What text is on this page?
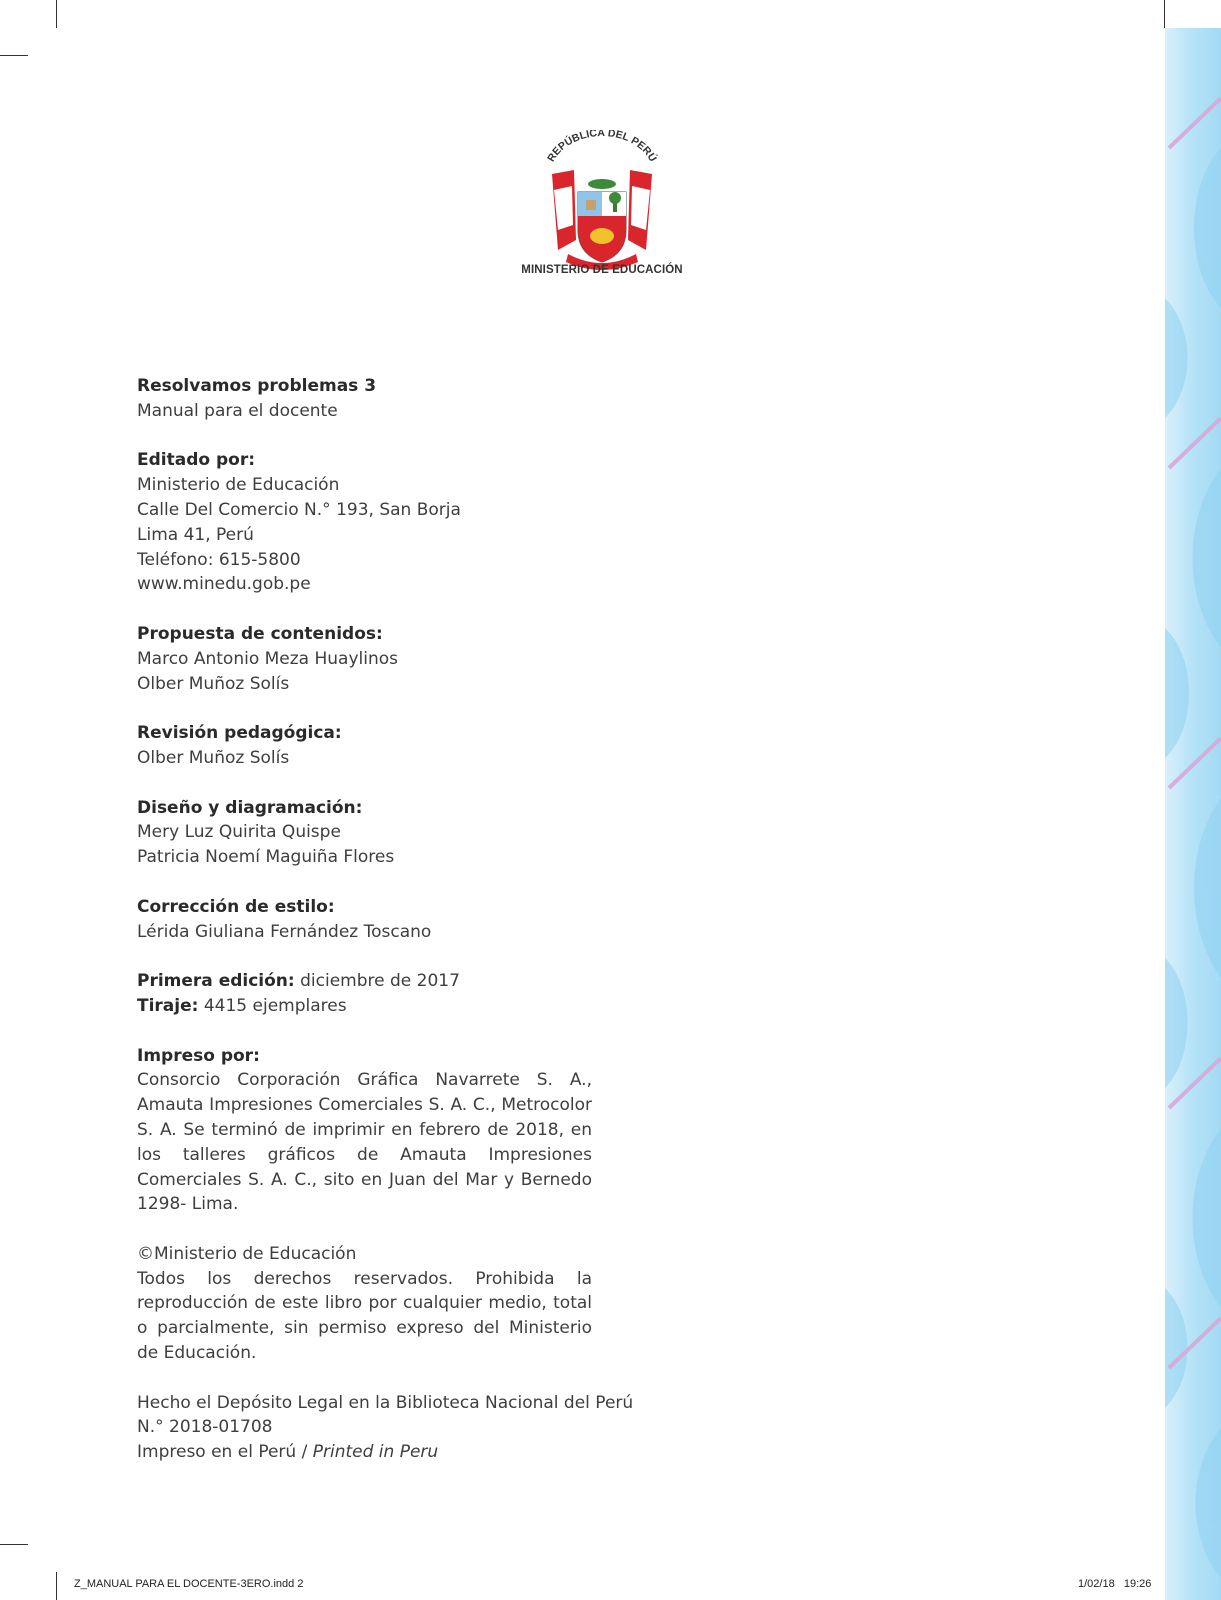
REPÚBLICA DEL PERÚ
MINISTERIO DE EDUCACIÓN
Resolvamos problemas 3
Manual para el docente
Editado por:
Ministerio de Educación
Calle Del Comercio N.° 193, San Borja
Lima 41, Perú
Teléfono: 615-5800
www.minedu.gob.pe
Propuesta de contenidos:
Marco Antonio Meza Huaylinos
Olber Muñoz Solís
Revisión pedagógica:
Olber Muñoz Solís
Diseño y diagramación:
Mery Luz Quirita Quispe
Patricia Noemí Maguiña Flores
Corrección de estilo:
Lérida Giuliana Fernández Toscano
Primera edición: diciembre de 2017
Tiraje: 4415 ejemplares
Impreso por:
Consorcio Corporación Gráfica Navarrete S. A., Amauta Impresiones Comerciales S. A. C., Metrocolor S. A. Se terminó de imprimir en febrero de 2018, en los talleres gráficos de Amauta Impresiones Comerciales S. A. C., sito en Juan del Mar y Bernedo 1298- Lima.
©Ministerio de Educación
Todos los derechos reservados. Prohibida la reproducción de este libro por cualquier medio, total o parcialmente, sin permiso expreso del Ministerio de Educación.
Hecho el Depósito Legal en la Biblioteca Nacional del Perú
N.° 2018-01708
Impreso en el Perú / Printed in Peru
Z_MANUAL PARA EL DOCENTE-3ERO.indd 2	1/02/18   19:26
